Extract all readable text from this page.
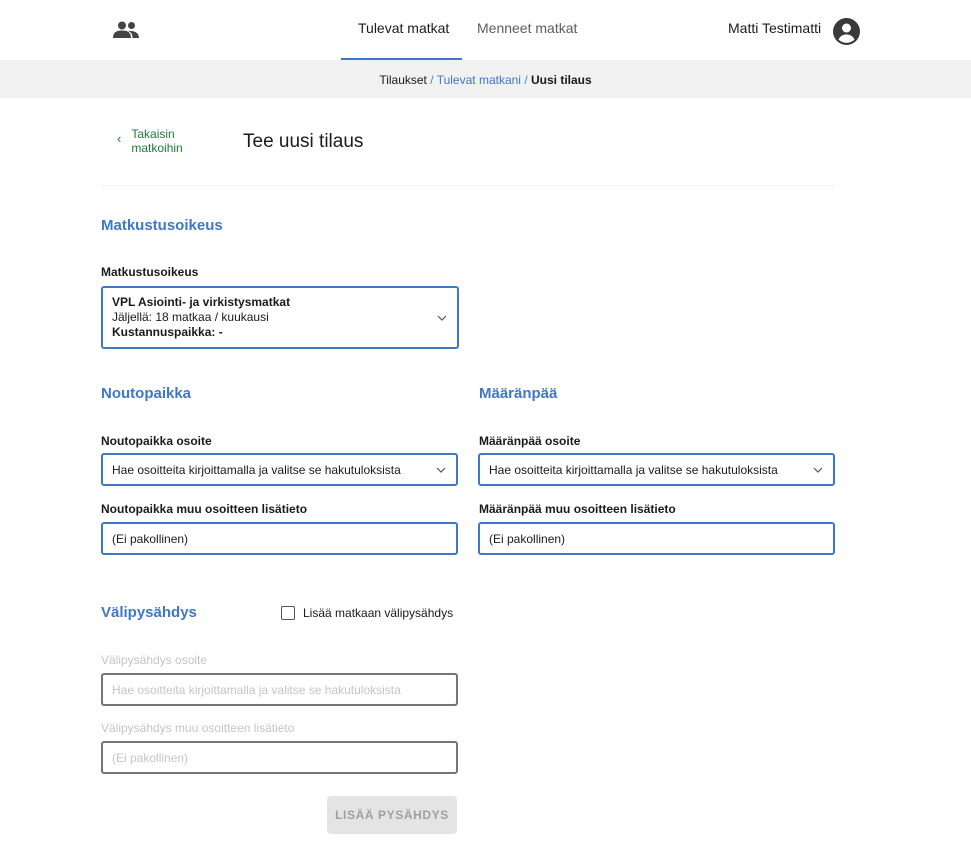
Tulevat matkat Menneet matkat	Matti Testimatti
Tilaukset / Tulevat matkani / Uusi tilaus
‹ Takaisin matkoihin	Tee uusi tilaus
Matkustusoikeus
Matkustusoikeus
VPL Asiointi- ja virkistysmatkat
Jäljellä: 18 matkaa / kuukausi
Kustannuspaikka: -
Noutopaikka
Noutopaikka osoite
Hae osoitteita kirjoittamalla ja valitse se hakutuloksista
Noutopaikka muu osoitteen lisätieto
(Ei pakollinen)
Määränpää
Määränpää osoite
Hae osoitteita kirjoittamalla ja valitse se hakutuloksista
Määränpää muu osoitteen lisätieto
(Ei pakollinen)
Välipysähdys	Lisää matkaan välipysähdys
Välipysähdys osoite
Hae osoitteita kirjoittamalla ja valitse se hakutuloksista
Välipysähdys muu osoitteen lisätieto
(Ei pakollinen)
LISÄÄ PYSÄHDYS
